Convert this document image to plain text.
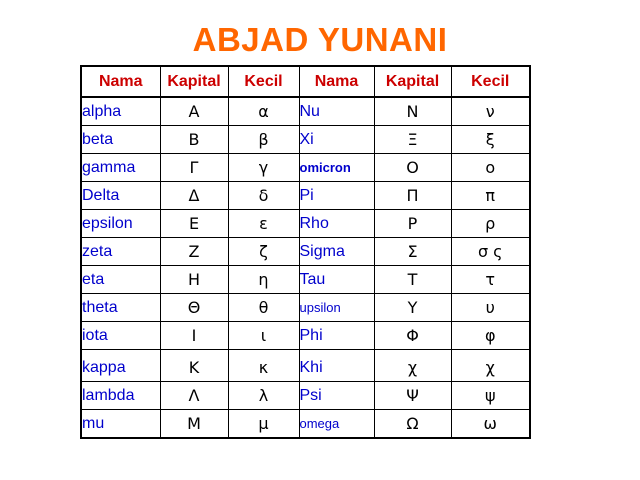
ABJAD YUNANI
Nama	Kapital	Kecil	Nama	Kapital	Kecil
alpha	Α	α	Nu	Ν	ν
beta	Β	β	Xi	Ξ	ξ
gamma	Γ	γ	omicron	Ο	ο
Delta	Δ	δ	Pi	Π	π
epsilon	Ε	ε	Rho	Ρ	ρ
zeta	Ζ	ζ	Sigma	Σ	σ ς
eta	Η	η	Tau	Τ	τ
theta	Θ	θ	upsilon	Υ	υ
iota	Ι	ι	Phi	Φ	φ
kappa	Κ	κ	Khi	χ	χ
lambda	Λ	λ	Psi	Ψ	ψ
mu	Μ	μ	omega	Ω	ω
